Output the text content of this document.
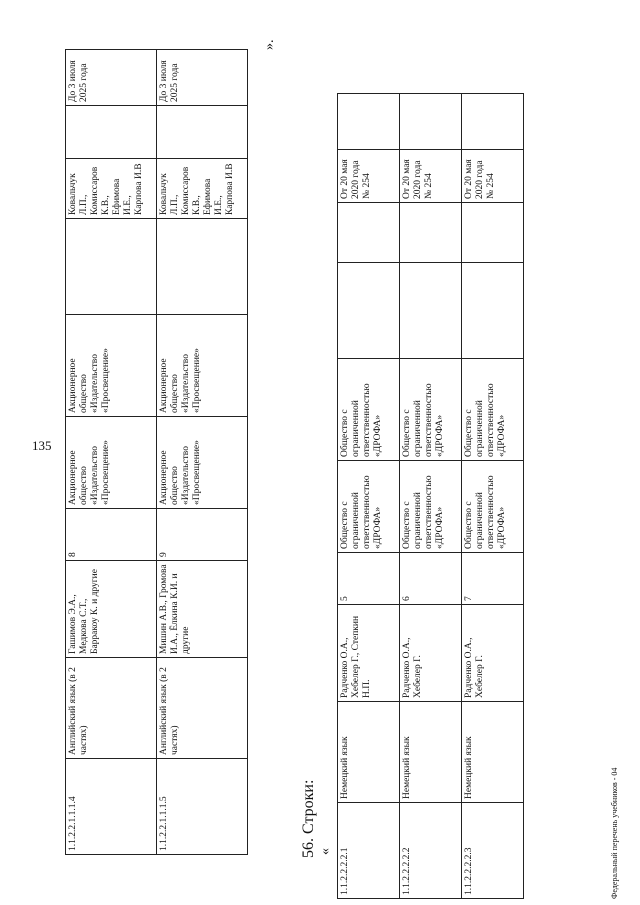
135
1.1.2.2.1.1.1.4	Английский язык (в 2 частях)	Гашимов Э.А., Медкова С.Т., Барракоу К. и другие	8	Акционерное общество «Издательство «Просвещение»	Акционерное общество «Издательство «Просвещение»		Ковальчук Л.П., Комиссаров К.В., Ефимова И.Е., Карпова И.В		До 3 июля 2025 года
1.1.2.2.1.1.1.5	Английский язык (в 2 частях)	Мишин А.В., Громова И.А., Ёлкина К.И. и другие	9	Акционерное общество «Издательство «Просвещение»	Акционерное общество «Издательство «Просвещение»		Ковальчук Л.П., Комиссаров К.В., Ефимова И.Е., Карпова И.В		До 3 июля 2025 года
».
56. Строки: « 1.1.2.2.2.2.1	Немецкий язык	Радченко О.А., Хебелер Г., Степкин Н.П.	5	Общество с ограниченной ответственностью «ДРОФА»	Общество с ограниченной ответственностью «ДРОФА»			От 20 мая 2020 года № 254	
1.1.2.2.2.2.2	Немецкий язык	Радченко О.А., Хебелер Г.	6	Общество с ограниченной ответственностью «ДРОФА»	Общество с ограниченной ответственностью «ДРОФА»			От 20 мая 2020 года № 254	
1.1.2.2.2.2.3	Немецкий язык	Радченко О.А., Хебелер Г.	7	Общество с ограниченной ответственностью «ДРОФА»	Общество с ограниченной ответственностью «ДРОФА»			От 20 мая 2020 года № 254	
Федеральный перечень учебников - 04
